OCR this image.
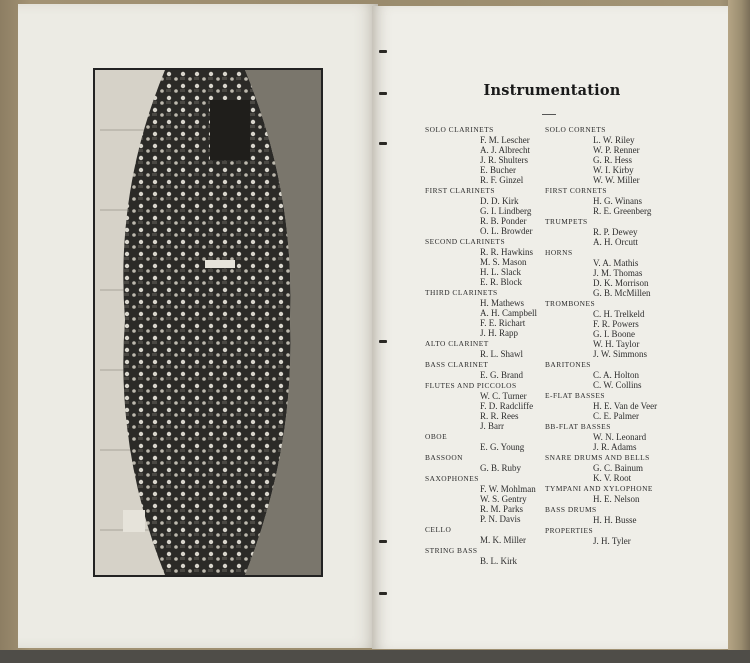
Instrumentation
SOLO CLARINETS
F. M. Lescher
A. J. Albrecht
J. R. Shulters
E. Bucher
R. F. Ginzel
FIRST CLARINETS
D. D. Kirk
G. I. Lindberg
R. B. Ponder
O. L. Browder
SECOND CLARINETS
R. R. Hawkins
M. S. Mason
H. L. Slack
E. R. Block
THIRD CLARINETS
H. Mathews
A. H. Campbell
F. E. Richart
J. H. Rapp
ALTO CLARINET
R. L. Shawl
BASS CLARINET
E. G. Brand
FLUTES AND PICCOLOS
W. C. Turner
F. D. Radcliffe
R. R. Rees
J. Barr
OBOE
E. G. Young
BASSOON
G. B. Ruby
SAXOPHONES
F. W. Mohlman
W. S. Gentry
R. M. Parks
P. N. Davis
CELLO
M. K. Miller
STRING BASS
B. L. Kirk
SOLO CORNETS
L. W. Riley
W. P. Renner
G. R. Hess
W. I. Kirby
W. W. Miller
FIRST CORNETS
H. G. Winans
R. E. Greenberg
TRUMPETS
R. P. Dewey
A. H. Orcutt
HORNS
V. A. Mathis
J. M. Thomas
D. K. Morrison
G. B. McMillen
TROMBONES
C. H. Trelkeld
F. R. Powers
G. I. Boone
W. H. Taylor
J. W. Simmons
BARITONES
C. A. Holton
C. W. Collins
E-FLAT BASSES
H. E. Van de Veer
C. E. Palmer
BB-FLAT BASSES
W. N. Leonard
J. R. Adams
SNARE DRUMS AND BELLS
G. C. Bainum
K. V. Root
TYMPANI AND XYLOPHONE
H. E. Nelson
BASS DRUMS
H. H. Busse
PROPERTIES
J. H. Tyler
